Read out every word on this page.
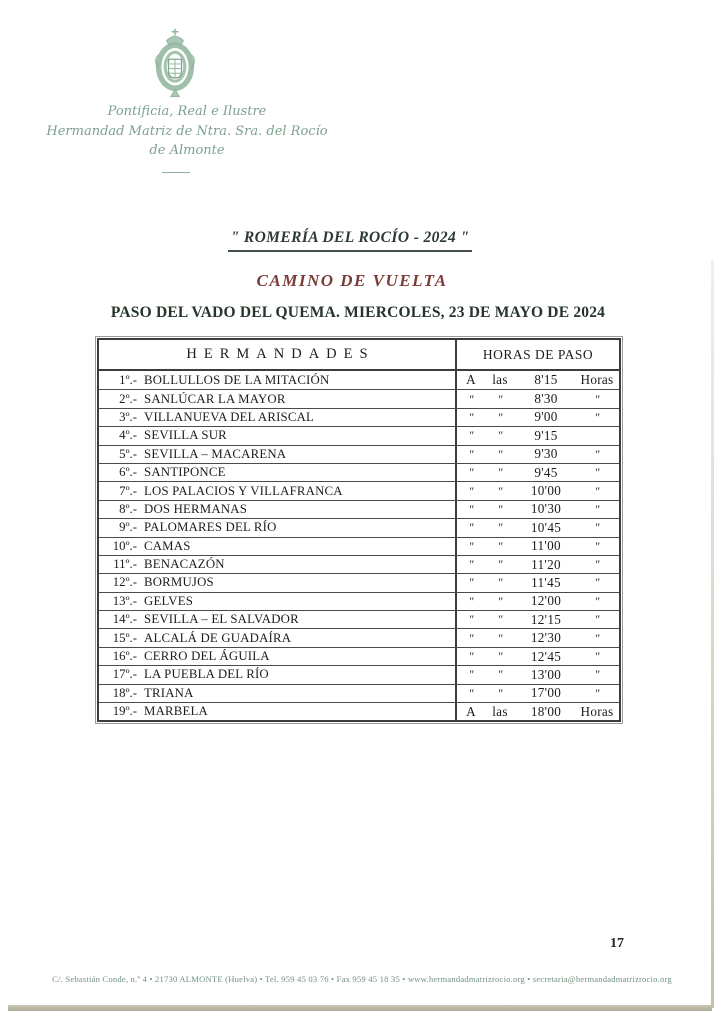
Pontificia, Real e Ilustre
Hermandad Matriz de Ntra. Sra. del Rocío
de Almonte
" ROMERÍA DEL ROCÍO - 2024 "
CAMINO DE VUELTA
PASO DEL VADO DEL QUEMA. MIERCOLES, 23 DE MAYO DE 2024
HERMANDADES	HORAS DE PASO
1º.- BOLLULLOS DE LA MITACIÓN	A	las	8'15	Horas
2º.- SANLÚCAR LA MAYOR	"	"	8'30	"
3º.- VILLANUEVA DEL ARISCAL	"	"	9'00	"
4º.- SEVILLA SUR	"	"	9'15
5º.- SEVILLA – MACARENA	"	"	9'30	"
6º.- SANTIPONCE	"	"	9'45	"
7º.- LOS PALACIOS Y VILLAFRANCA	"	"	10'00	"
8º.- DOS HERMANAS	"	"	10'30	"
9º.- PALOMARES DEL RÍO	"	"	10'45	"
10º.- CAMAS	"	"	11'00	"
11º.- BENACAZÓN	"	"	11'20	"
12º.- BORMUJOS	"	"	11'45	"
13º.- GELVES	"	"	12'00	"
14º.- SEVILLA – EL SALVADOR	"	"	12'15	"
15º.- ALCALÁ DE GUADAÍRA	"	"	12'30	"
16º.- CERRO DEL ÁGUILA	"	"	12'45	"
17º.- LA PUEBLA DEL RÍO	"	"	13'00	"
18º.- TRIANA	"	"	17'00	"
19º.- MARBELA	A	las	18'00	Horas
17
C/. Sebastián Conde, n.º 4 • 21730 ALMONTE (Huelva) • Tel. 959 45 03 76 • Fax 959 45 18 35 • www.hermandadmatrizrocio.org • secretaria@hermandadmatrizrocio.org
